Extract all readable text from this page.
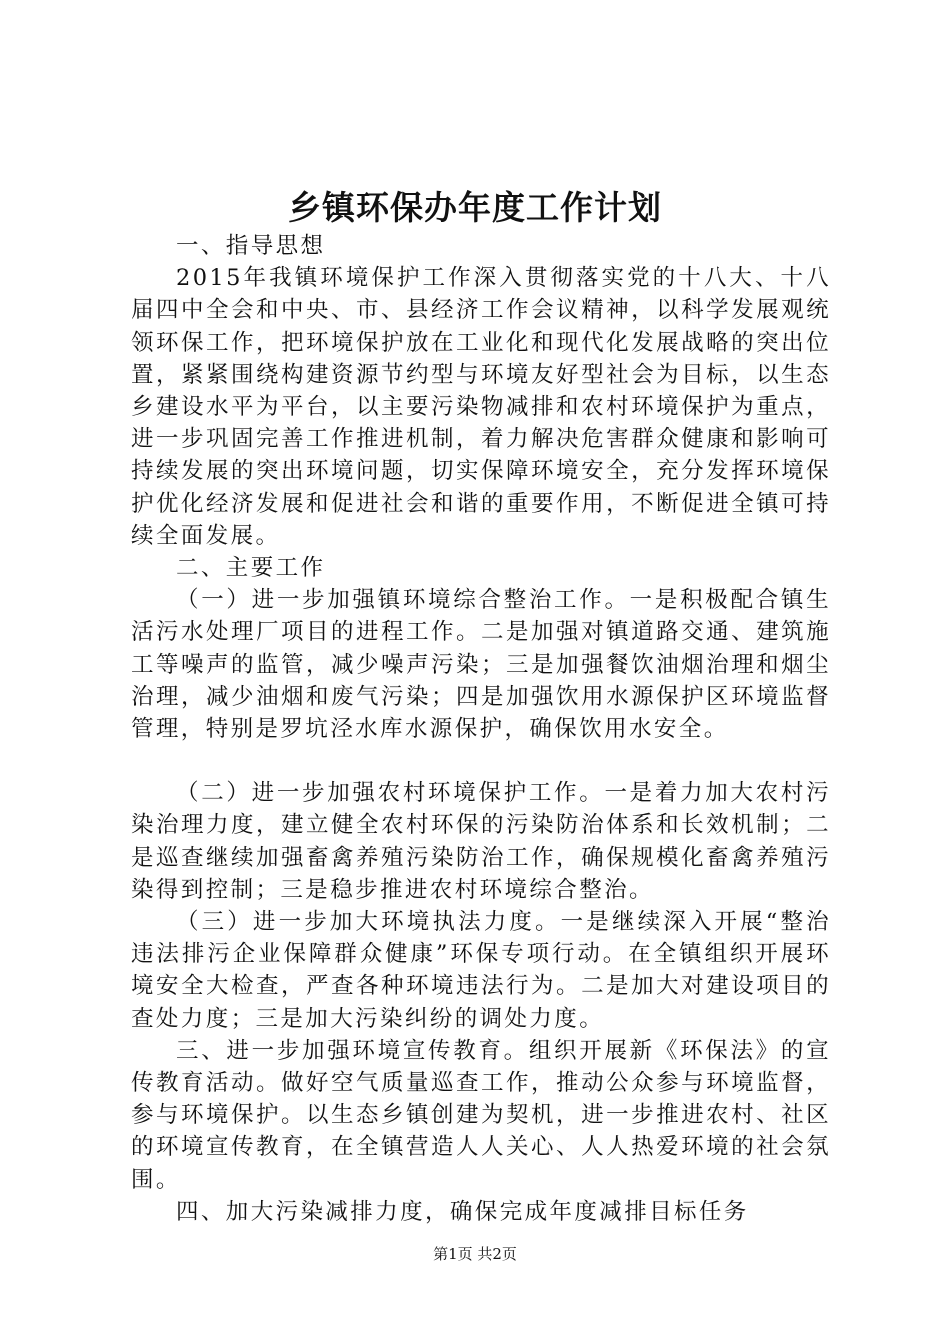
乡镇环保办年度工作计划

一、指导思想

2015年我镇环境保护工作深入贯彻落实党的十八大、十八届四中全会和中央、市、县经济工作会议精神，以科学发展观统领环保工作，把环境保护放在工业化和现代化发展战略的突出位置，紧紧围绕构建资源节约型与环境友好型社会为目标，以生态乡建设水平为平台，以主要污染物减排和农村环境保护为重点，进一步巩固完善工作推进机制，着力解决危害群众健康和影响可持续发展的突出环境问题，切实保障环境安全，充分发挥环境保护优化经济发展和促进社会和谐的重要作用，不断促进全镇可持续全面发展。

二、主要工作

（一）进一步加强镇环境综合整治工作。一是积极配合镇生活污水处理厂项目的进程工作。二是加强对镇道路交通、建筑施工等噪声的监管，减少噪声污染；三是加强餐饮油烟治理和烟尘治理，减少油烟和废气污染；四是加强饮用水源保护区环境监督管理，特别是罗坑泾水库水源保护，确保饮用水安全。

（二）进一步加强农村环境保护工作。一是着力加大农村污染治理力度，建立健全农村环保的污染防治体系和长效机制；二是巡查继续加强畜禽养殖污染防治工作，确保规模化畜禽养殖污染得到控制；三是稳步推进农村环境综合整治。

（三）进一步加大环境执法力度。一是继续深入开展“整治违法排污企业保障群众健康”环保专项行动。在全镇组织开展环境安全大检查，严查各种环境违法行为。二是加大对建设项目的查处力度；三是加大污染纠纷的调处力度。

三、进一步加强环境宣传教育。组织开展新《环保法》的宣传教育活动。做好空气质量巡查工作，推动公众参与环境监督，参与环境保护。以生态乡镇创建为契机，进一步推进农村、社区的环境宣传教育，在全镇营造人人关心、人人热爱环境的社会氛围。

四、加大污染减排力度，确保完成年度减排目标任务

第1页 共2页
